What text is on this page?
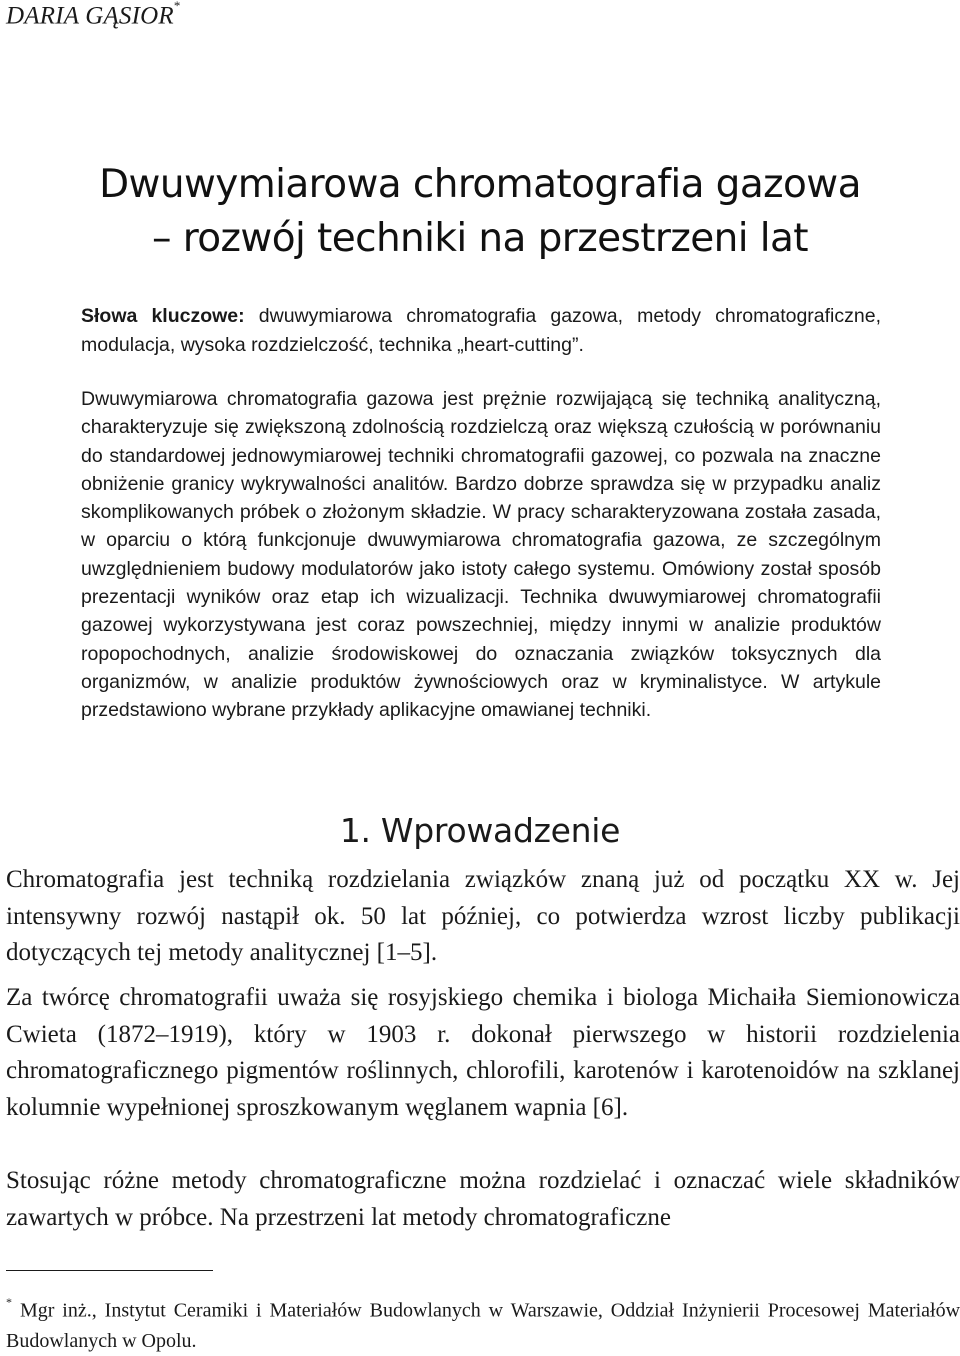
DARIA GĄSIOR*
Dwuwymiarowa chromatografia gazowa
– rozwój techniki na przestrzeni lat
Słowa kluczowe: dwuwymiarowa chromatografia gazowa, metody chromatograficzne, modulacja, wysoka rozdzielczość, technika „heart-cutting”.

Dwuwymiarowa chromatografia gazowa jest prężnie rozwijającą się techniką analityczną, charakteryzuje się zwiększoną zdolnością rozdzielczą oraz większą czułością w porównaniu do standardowej jednowymiarowej techniki chromatografii gazowej, co pozwala na znaczne obniżenie granicy wykrywalności analitów. Bardzo dobrze sprawdza się w przypadku analiz skomplikowanych próbek o złożonym składzie. W pracy scharakteryzowana została zasada, w oparciu o którą funkcjonuje dwuwymiarowa chromatografia gazowa, ze szczególnym uwzględnieniem budowy modulatorów jako istoty całego systemu. Omówiony został sposób prezentacji wyników oraz etap ich wizualizacji. Technika dwuwymiarowej chromatografii gazowej wykorzystywana jest coraz powszechniej, między innymi w analizie produktów ropopochodnych, analizie środowiskowej do oznaczania związków toksycznych dla organizmów, w analizie produktów żywnościowych oraz w kryminalistyce. W artykule przedstawiono wybrane przykłady aplikacyjne omawianej techniki.

1. Wprowadzenie

Chromatografia jest techniką rozdzielania związków znaną już od początku XX w. Jej intensywny rozwój nastąpił ok. 50 lat później, co potwierdza wzrost liczby publikacji dotyczących tej metody analitycznej [1–5].

Za twórcę chromatografii uważa się rosyjskiego chemika i biologa Michaiła Siemionowicza Cwieta (1872–1919), który w 1903 r. dokonał pierwszego w historii rozdzielenia chromatograficznego pigmentów roślinnych, chlorofili, karotenów i karotenoidów na szklanej kolumnie wypełnionej sproszkowanym węglanem wapnia [6].

Stosując różne metody chromatograficzne można rozdzielać i oznaczać wiele składników zawartych w próbce. Na przestrzeni lat metody chromatograficzne

* Mgr inż., Instytut Ceramiki i Materiałów Budowlanych w Warszawie, Oddział Inżynierii Procesowej Materiałów Budowlanych w Opolu.
